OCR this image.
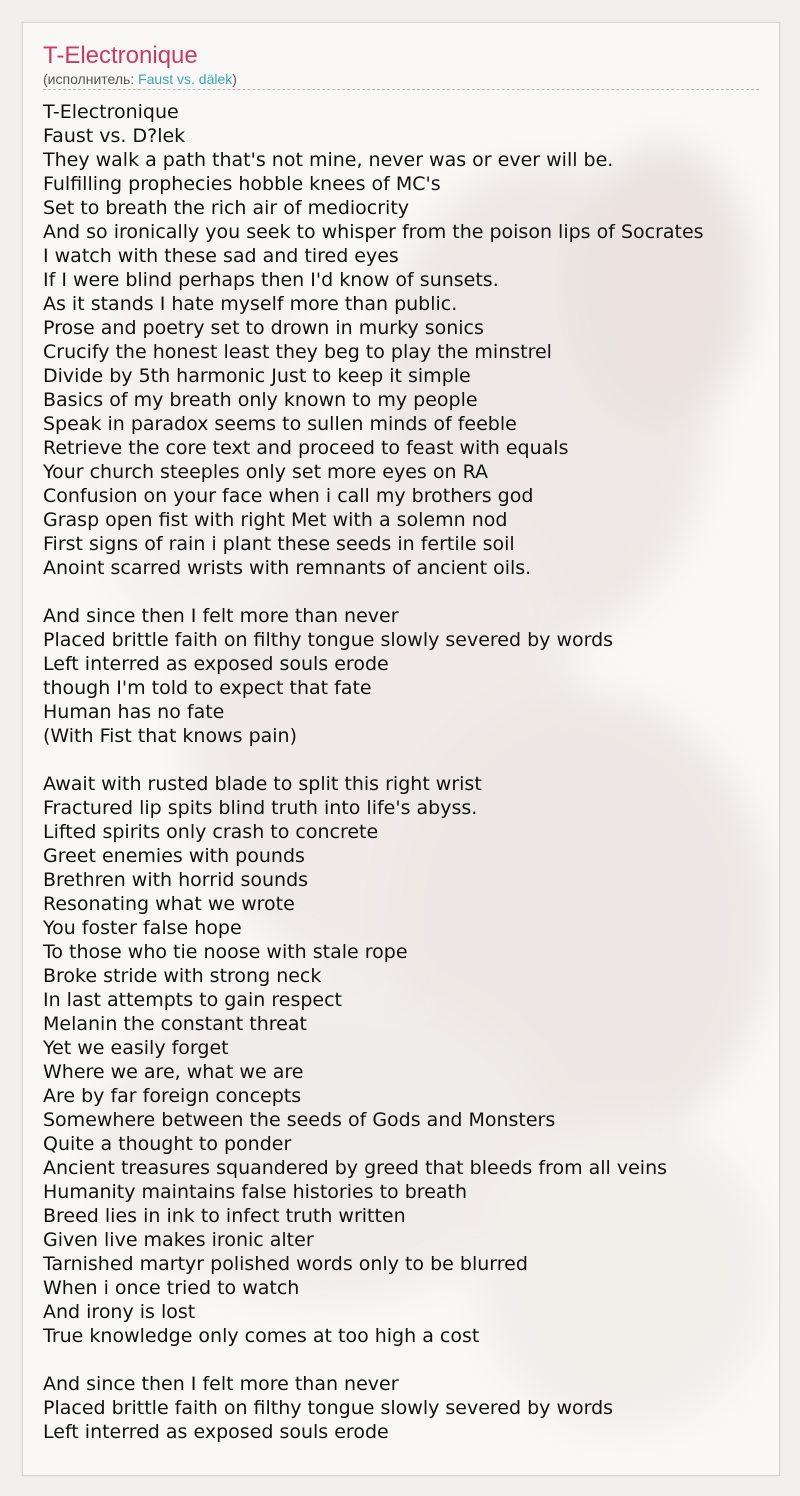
T-Electronique
(исполнитель: Faust vs. dälek)
T-Electronique
Faust vs. D?lek
They walk a path that's not mine, never was or ever will be.
Fulfilling prophecies hobble knees of MC's
Set to breath the rich air of mediocrity
And so ironically you seek to whisper from the poison lips of Socrates
I watch with these sad and tired eyes
If I were blind perhaps then I'd know of sunsets.
As it stands I hate myself more than public.
Prose and poetry set to drown in murky sonics
Crucify the honest least they beg to play the minstrel
Divide by 5th harmonic Just to keep it simple
Basics of my breath only known to my people
Speak in paradox seems to sullen minds of feeble
Retrieve the core text and proceed to feast with equals
Your church steeples only set more eyes on RA
Confusion on your face when i call my brothers god
Grasp open fist with right Met with a solemn nod
First signs of rain i plant these seeds in fertile soil
Anoint scarred wrists with remnants of ancient oils.
And since then I felt more than never
Placed brittle faith on filthy tongue slowly severed by words
Left interred as exposed souls erode
though I'm told to expect that fate
Human has no fate
(With Fist that knows pain)
Await with rusted blade to split this right wrist
Fractured lip spits blind truth into life's abyss.
Lifted spirits only crash to concrete
Greet enemies with pounds
Brethren with horrid sounds
Resonating what we wrote
You foster false hope
To those who tie noose with stale rope
Broke stride with strong neck
In last attempts to gain respect
Melanin the constant threat
Yet we easily forget
Where we are, what we are
Are by far foreign concepts
Somewhere between the seeds of Gods and Monsters
Quite a thought to ponder
Ancient treasures squandered by greed that bleeds from all veins
Humanity maintains false histories to breath
Breed lies in ink to infect truth written
Given live makes ironic alter
Tarnished martyr polished words only to be blurred
When i once tried to watch
And irony is lost
True knowledge only comes at too high a cost
And since then I felt more than never
Placed brittle faith on filthy tongue slowly severed by words
Left interred as exposed souls erode
